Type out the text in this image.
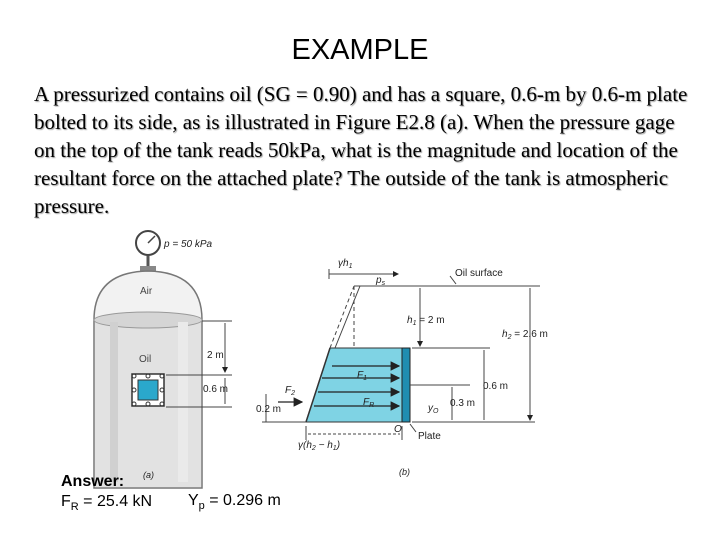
EXAMPLE
A pressurized contains oil (SG = 0.90) and has a square, 0.6-m by 0.6-m plate bolted to its side, as is illustrated in Figure E2.8 (a). When the pressure gage on the top of the tank reads 50kPa, what is the magnitude and location of the resultant force on the attached plate? The outside of the tank is atmospheric pressure.
p = 50 kPa
Air
Oil	2 m
0.6 m
(a)
$\gamma h_1$
$p_s$
Oil surface
$h_1 = 2$ m
$h_2 = 2.6$ m
$F_1$
$F_2$
$F_R$
0.6 m
$y_O$
0.3 m
0.2 m
O
Plate
$\gamma(h_2 - h_1)$
(b)
Answer:
$F_R = 25.4$ kN $Y_p = 0.296$ m
